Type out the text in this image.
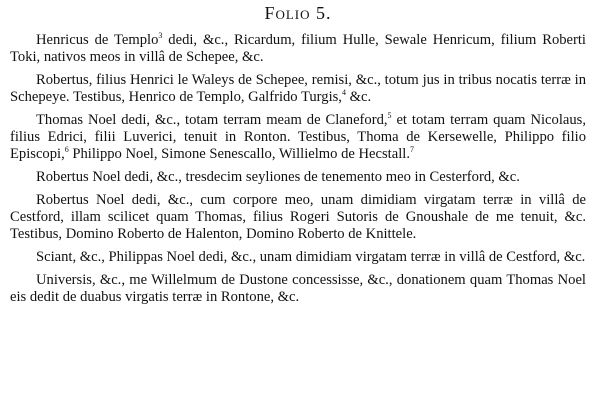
Folio 5.

Henricus de Templo$^3$ dedi, &c., Ricardum, filium Hulle, Sewale Henricum, filium Roberti Toki, nativos meos in villâ de Schepee, &c.

Robertus, filius Henrici le Waleys de Schepee, remisi, &c., totum jus in tribus nocatis terræ in Schepeye. Testibus, Henrico de Templo, Galfrido Turgis,$^4$ &c.

Thomas Noel dedi, &c., totam terram meam de Claneford,$^5$ et totam terram quam Nicolaus, filius Edrici, filii Luverici, tenuit in Ronton. Testibus, Thoma de Kersewelle, Philippo filio Episcopi,$^6$ Philippo Noel, Simone Senescallo, Willielmo de Hecstall.$^7$

Robertus Noel dedi, &c., tresdecim seyliones de tenemento meo in Cesterford, &c.

Robertus Noel dedi, &c., cum corpore meo, unam dimidiam virgatam terræ in villâ de Cestford, illam scilicet quam Thomas, filius Rogeri Sutoris de Gnoushale de me tenuit, &c. Testibus, Domino Roberto de Halenton, Domino Roberto de Knittele.

Sciant, &c., Philippas Noel dedi, &c., unam dimidiam virgatam terræ in villâ de Cestford, &c.

Universis, &c., me Willelmum de Dustone concessisse, &c., donationem quam Thomas Noel eis dedit de duabus virgatis terræ in Rontone, &c.
